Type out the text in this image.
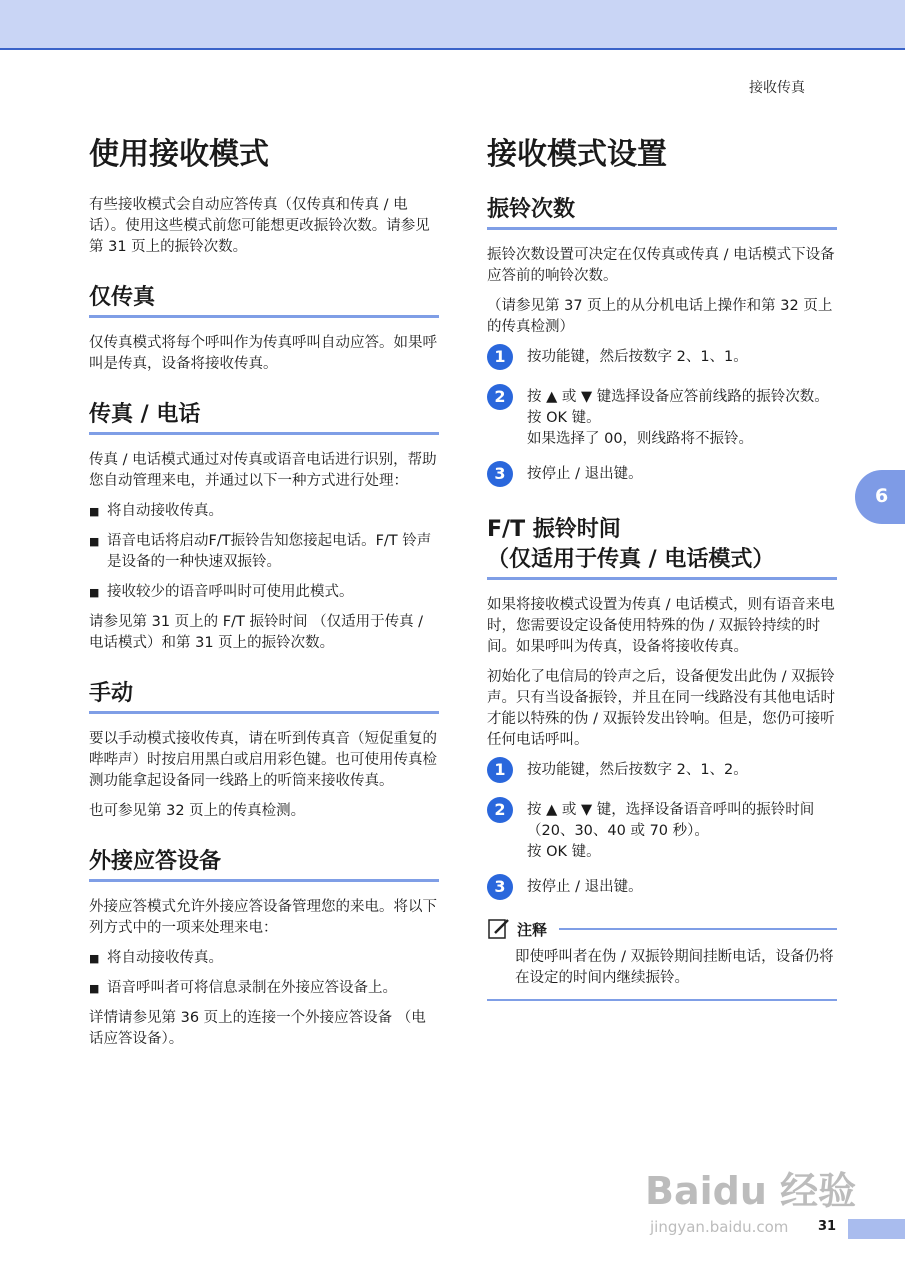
接收传真
6
使用接收模式

有些接收模式会自动应答传真（仅传真和传真 / 电话）。使用这些模式前您可能想更改振铃次数。请参见第 31 页上的振铃次数。

仅传真

仅传真模式将每个呼叫作为传真呼叫自动应答。如果呼叫是传真，设备将接收传真。

传真 / 电话

传真 / 电话模式通过对传真或语音电话进行识别，帮助您自动管理来电，并通过以下一种方式进行处理：

■ 将自动接收传真。
■ 语音电话将启动F/T振铃告知您接起电话。F/T 铃声是设备的一种快速双振铃。
■ 接收较少的语音呼叫时可使用此模式。

请参见第 31 页上的 F/T 振铃时间 （仅适用于传真 / 电话模式）和第 31 页上的振铃次数。

手动

要以手动模式接收传真，请在听到传真音（短促重复的哔哔声）时按启用黑白或启用彩色键。也可使用传真检测功能拿起设备同一线路上的听筒来接收传真。

也可参见第 32 页上的传真检测。

外接应答设备

外接应答模式允许外接应答设备管理您的来电。将以下列方式中的一项来处理来电：

■ 将自动接收传真。
■ 语音呼叫者可将信息录制在外接应答设备上。

详情请参见第 36 页上的连接一个外接应答设备 （电话应答设备）。

接收模式设置
振铃次数

振铃次数设置可决定在仅传真或传真 / 电话模式下设备应答前的响铃次数。

（请参见第 37 页上的从分机电话上操作和第 32 页上的传真检测）

1	按功能键，然后按数字 2、1、1。
2	按 ▲ 或 ▼ 键选择设备应答前线路的振铃次数。
按 OK 键。
如果选择了 00，则线路将不振铃。
3	按停止 / 退出键。
F/T 振铃时间
（仅适用于传真 / 电话模式）

如果将接收模式设置为传真 / 电话模式，则有语音来电时，您需要设定设备使用特殊的伪 / 双振铃持续的时间。如果呼叫为传真，设备将接收传真。

初始化了电信局的铃声之后，设备便发出此伪 / 双振铃声。只有当设备振铃，并且在同一线路没有其他电话时才能以特殊的伪 / 双振铃发出铃响。但是，您仍可接听任何电话呼叫。

1	按功能键，然后按数字 2、1、2。
2	按 ▲ 或 ▼ 键，选择设备语音呼叫的振铃时间 （20、30、40 或 70 秒）。
按 OK 键。
3	按停止 / 退出键。
注释

即使呼叫者在伪 / 双振铃期间挂断电话，设备仍将在设定的时间内继续振铃。

Baidu 经验
jingyan.baidu.com 31
